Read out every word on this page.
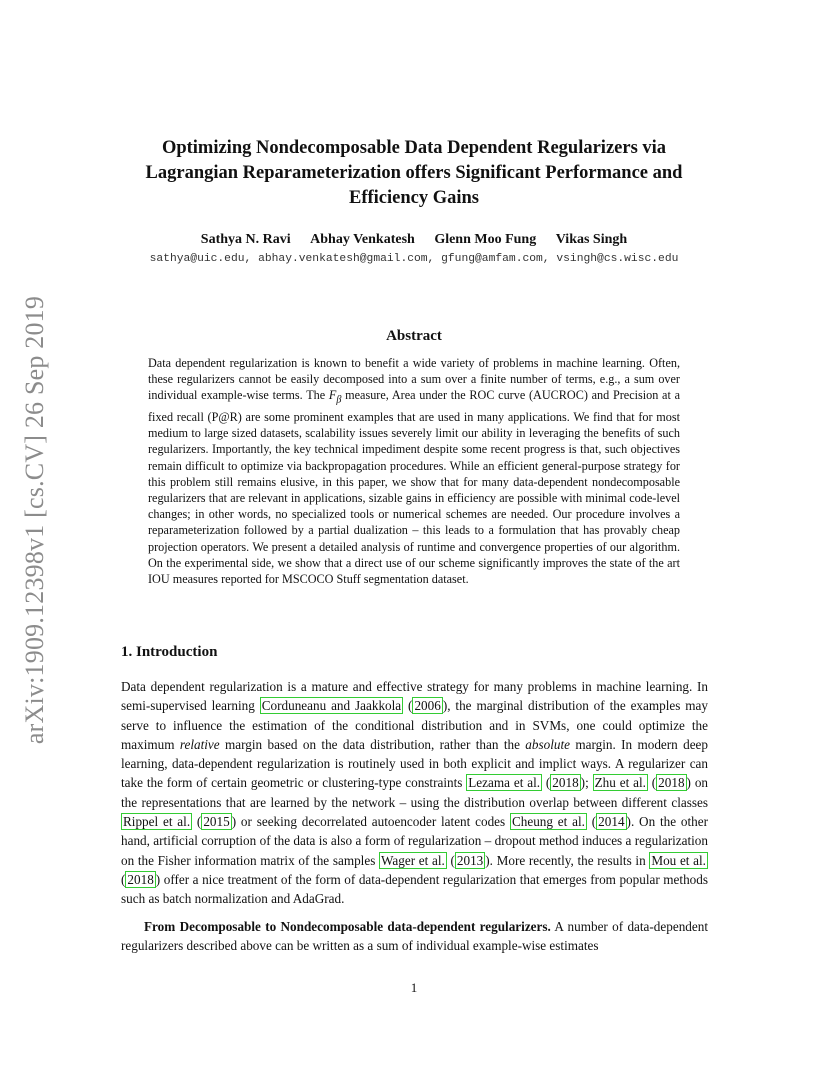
arXiv:1909.12398v1 [cs.CV] 26 Sep 2019
Optimizing Nondecomposable Data Dependent Regularizers via Lagrangian Reparameterization offers Significant Performance and Efficiency Gains
Sathya N. Ravi Abhay Venkatesh Glenn Moo Fung Vikas Singh

sathya@uic.edu, abhay.venkatesh@gmail.com, gfung@amfam.com, vsingh@cs.wisc.edu

Abstract

Data dependent regularization is known to benefit a wide variety of problems in machine learning. Often, these regularizers cannot be easily decomposed into a sum over a finite number of terms, e.g., a sum over individual example-wise terms. The $F_\beta$ measure, Area under the ROC curve (AUCROC) and Precision at a fixed recall (P@R) are some prominent examples that are used in many applications. We find that for most medium to large sized datasets, scalability issues severely limit our ability in leveraging the benefits of such regularizers. Importantly, the key technical impediment despite some recent progress is that, such objectives remain difficult to optimize via backpropagation procedures. While an efficient general-purpose strategy for this problem still remains elusive, in this paper, we show that for many data-dependent nondecomposable regularizers that are relevant in applications, sizable gains in efficiency are possible with minimal code-level changes; in other words, no specialized tools or numerical schemes are needed. Our procedure involves a reparameterization followed by a partial dualization – this leads to a formulation that has provably cheap projection operators. We present a detailed analysis of runtime and convergence properties of our algorithm. On the experimental side, we show that a direct use of our scheme significantly improves the state of the art IOU measures reported for MSCOCO Stuff segmentation dataset.

1. Introduction

Data dependent regularization is a mature and effective strategy for many problems in machine learning. In semi-supervised learning Corduneanu and Jaakkola ( 2006 ), the marginal distribution of the examples may serve to influence the estimation of the conditional distribution and in SVMs, one could optimize the maximum relative margin based on the data distribution, rather than the absolute margin. In modern deep learning, data-dependent regularization is routinely used in both explicit and implict ways. A regularizer can take the form of certain geometric or clustering-type constraints Lezama et al. ( 2018 ); Zhu et al. ( 2018 ) on the representations that are learned by the network – using the distribution overlap between different classes Rippel et al. ( 2015 ) or seeking decorrelated autoencoder latent codes Cheung et al. ( 2014 ). On the other hand, artificial corruption of the data is also a form of regularization – dropout method induces a regularization on the Fisher information matrix of the samples Wager et al. ( 2013 ). More recently, the results in Mou et al. ( 2018 ) offer a nice treatment of the form of data-dependent regularization that emerges from popular methods such as batch normalization and AdaGrad.

From Decomposable to Nondecomposable data-dependent regularizers. A number of data-dependent regularizers described above can be written as a sum of individual example-wise estimates

1
